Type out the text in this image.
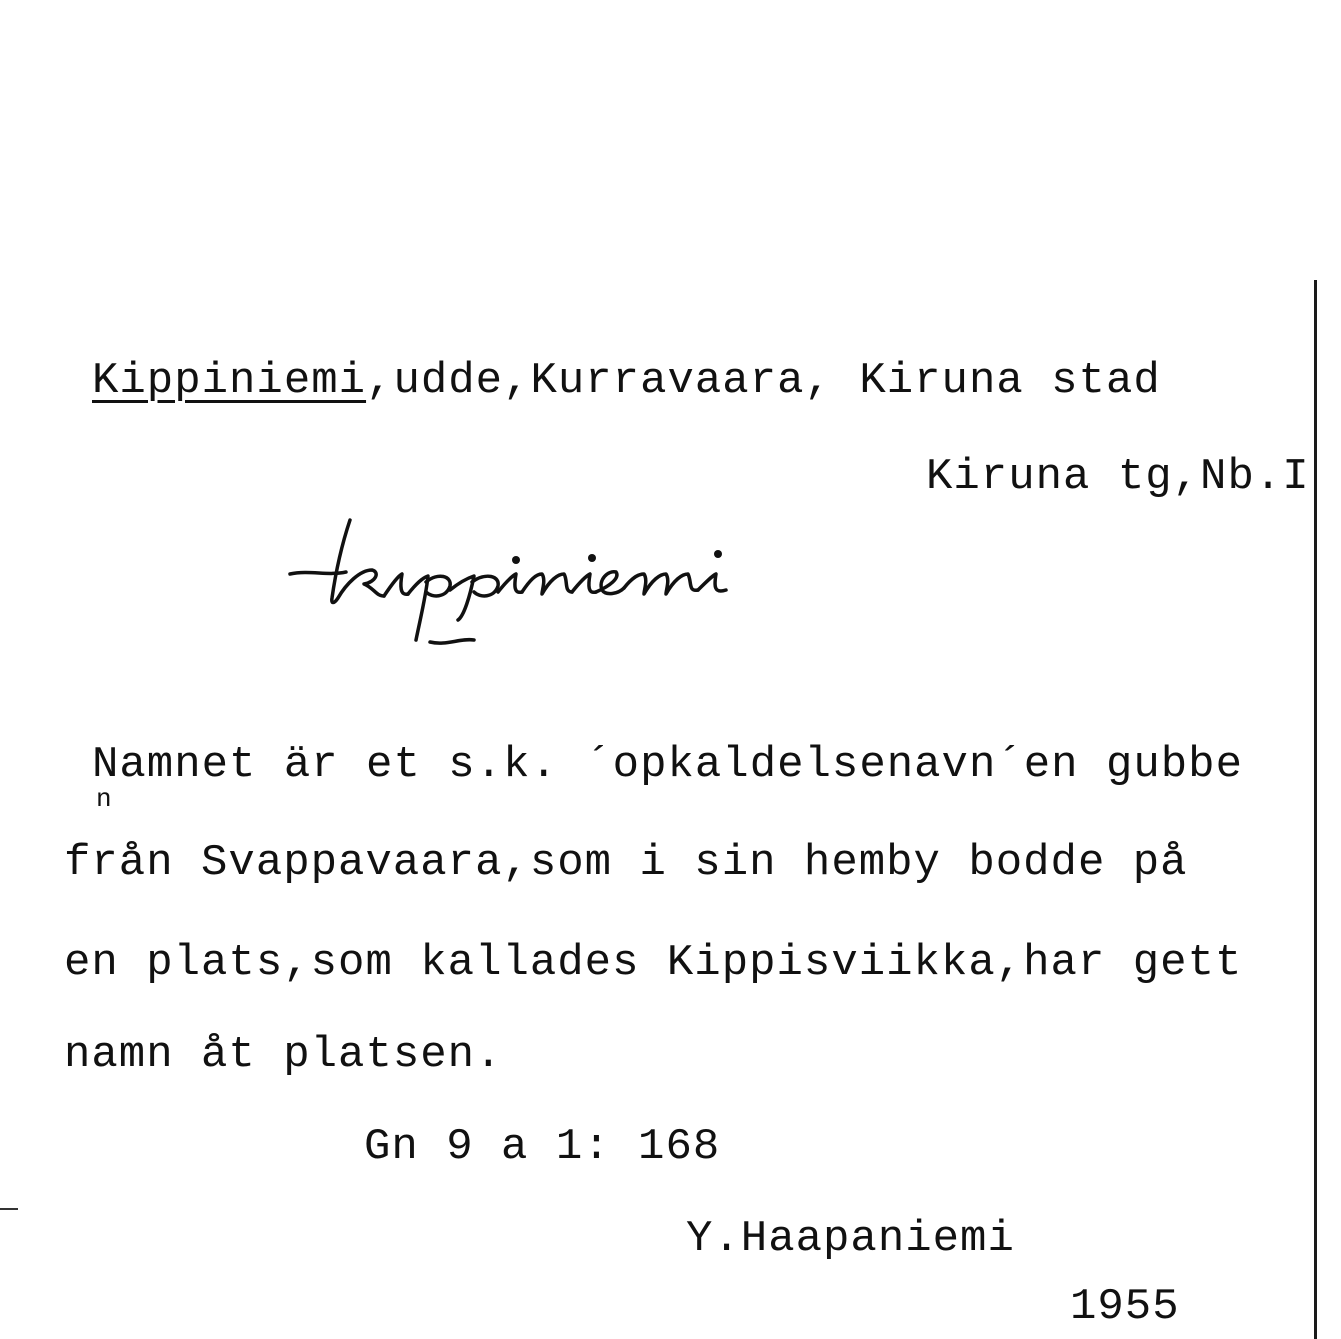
Kippiniemi,udde,Kurravaara, Kiruna stad
Kiruna tg,Nb.I
Namnet är et s.k. ´opkaldelsenavn´en gubbe
n
från Svappavaara,som i sin hemby bodde på
en plats,som kallades Kippisviikka,har gett
namn åt platsen.
Gn 9 a 1: 168
Y.Haapaniemi
1955
